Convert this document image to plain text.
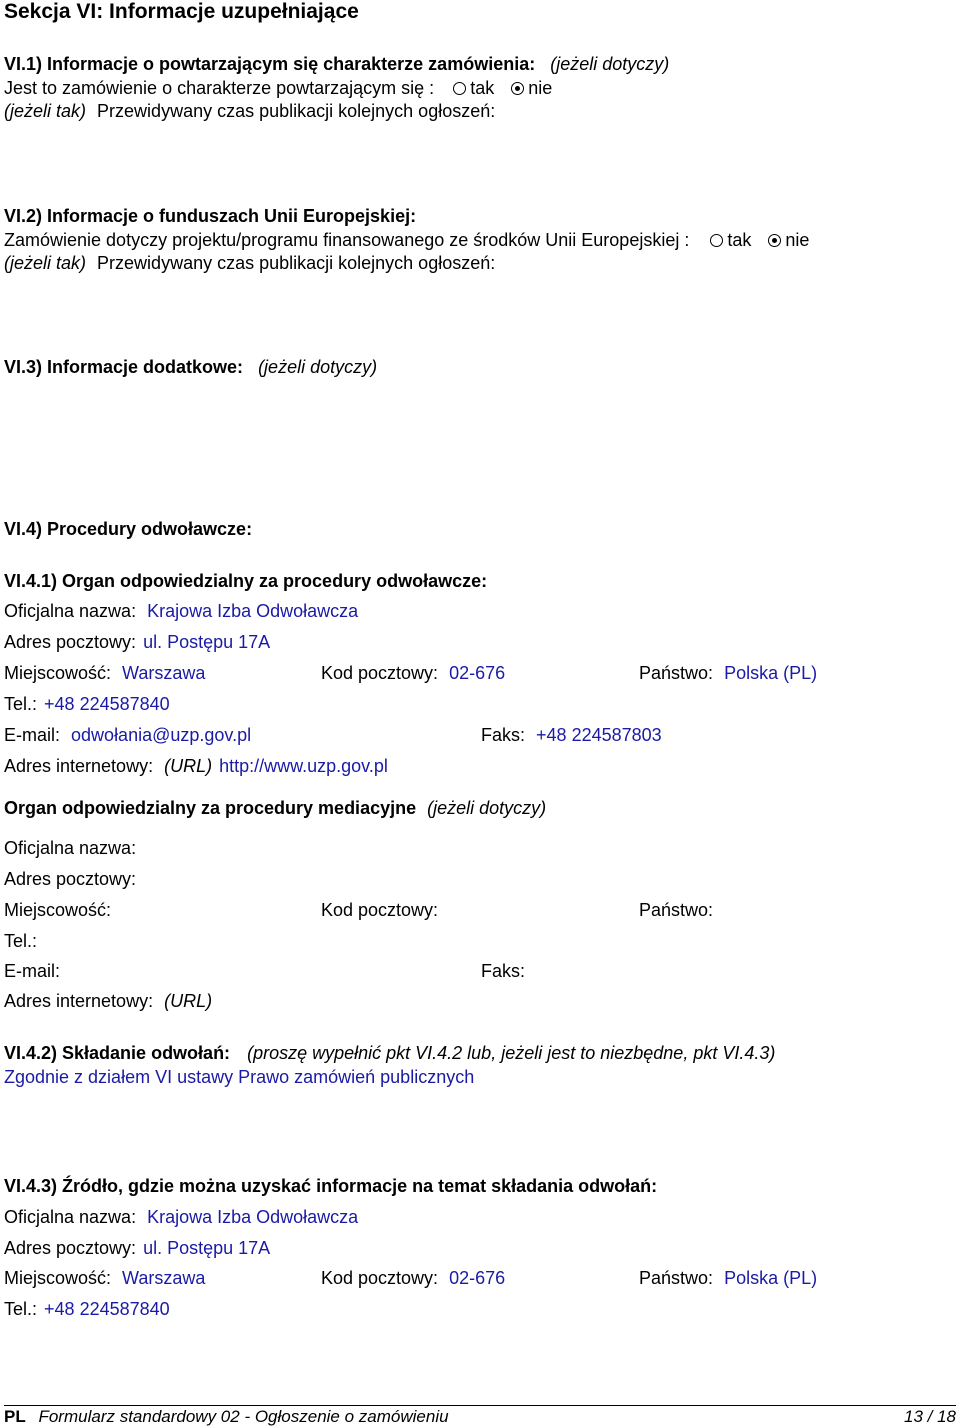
Sekcja VI: Informacje uzupełniające
VI.1) Informacje o powtarzającym się charakterze zamówienia: (jeżeli dotyczy)
Jest to zamówienie o charakterze powtarzającym się : tak nie
(jeżeli tak) Przewidywany czas publikacji kolejnych ogłoszeń:
VI.2) Informacje o funduszach Unii Europejskiej:
Zamówienie dotyczy projektu/programu finansowanego ze środków Unii Europejskiej : tak nie
(jeżeli tak) Przewidywany czas publikacji kolejnych ogłoszeń:
VI.3) Informacje dodatkowe: (jeżeli dotyczy)
VI.4) Procedury odwoławcze:
VI.4.1) Organ odpowiedzialny za procedury odwoławcze:
Oficjalna nazwa: Krajowa Izba Odwoławcza
Adres pocztowy: ul. Postępu 17A
Miejscowość: Warszawa	Kod pocztowy: 02-676	Państwo: Polska (PL)
Tel.: +48 224587840
E-mail: odwołania@uzp.gov.pl	Faks: +48 224587803
Adres internetowy: (URL) http://www.uzp.gov.pl
Organ odpowiedzialny za procedury mediacyjne (jeżeli dotyczy)
Oficjalna nazwa:
Adres pocztowy:
Miejscowość:	Kod pocztowy:	Państwo:
Tel.:
E-mail:	Faks:
Adres internetowy: (URL)
VI.4.2) Składanie odwołań: (proszę wypełnić pkt VI.4.2 lub, jeżeli jest to niezbędne, pkt VI.4.3)
Zgodnie z działem VI ustawy Prawo zamówień publicznych
VI.4.3) Źródło, gdzie można uzyskać informacje na temat składania odwołań:
Oficjalna nazwa: Krajowa Izba Odwoławcza
Adres pocztowy: ul. Postępu 17A
Miejscowość: Warszawa	Kod pocztowy: 02-676	Państwo: Polska (PL)
Tel.: +48 224587840
PL Formularz standardowy 02 - Ogłoszenie o zamówieniu	13 / 18
